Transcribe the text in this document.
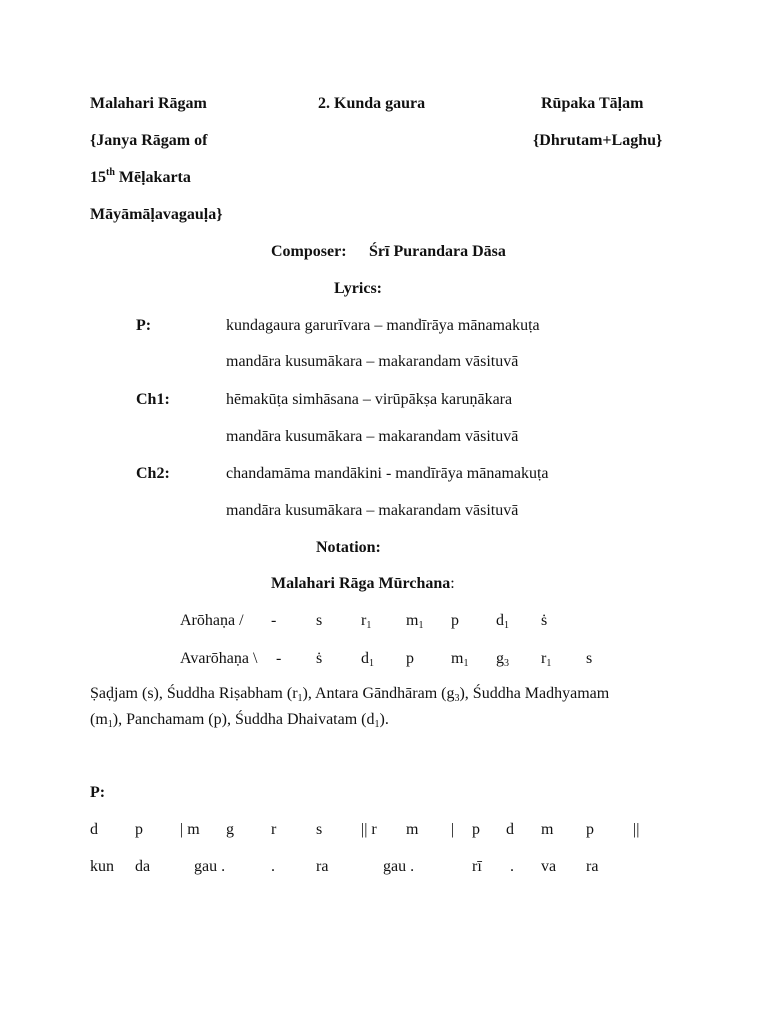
Malahari Rāgam	2. Kunda gaura	Rūpaka Tāḷam
{Janya Rāgam of	{Dhrutam+Laghu}
15th Mēḷakarta
Māyāmāḷavagauḷa}
Composer: Śrī Purandara Dāsa
Lyrics:
P:	kundagaura garurīvara – mandīrāya mānamakuṭa
mandāra kusumākara – makarandam vāsituvā
Ch1:	hēmakūṭa simhāsana – virūpākṣa karuṇākara
mandāra kusumākara – makarandam vāsituvā
Ch2:	chandamāma mandākini - mandīrāya mānamakuṭa
mandāra kusumākara – makarandam vāsituvā
Notation:
Malahari Rāga Mūrchana:
Arōhaṇa / - s $r_1$ $m_1$ p $d_1$ ṡ
Avarōhaṇa \ - ṡ $d_1$ p $m_1$ $g_3$ $r_1$ s
Ṣaḍjam (s), Śuddha Riṣabham $(r_1)$, Antara Gāndhāram $(g_3)$, Śuddha Madhyamam
$(m_1)$, Panchamam (p), Śuddha Dhaivatam $(d_1)$.
P:
d p | m g r s || r m | p d m p ||
kun da	gau .	.	ra	gau .	rī . va ra
